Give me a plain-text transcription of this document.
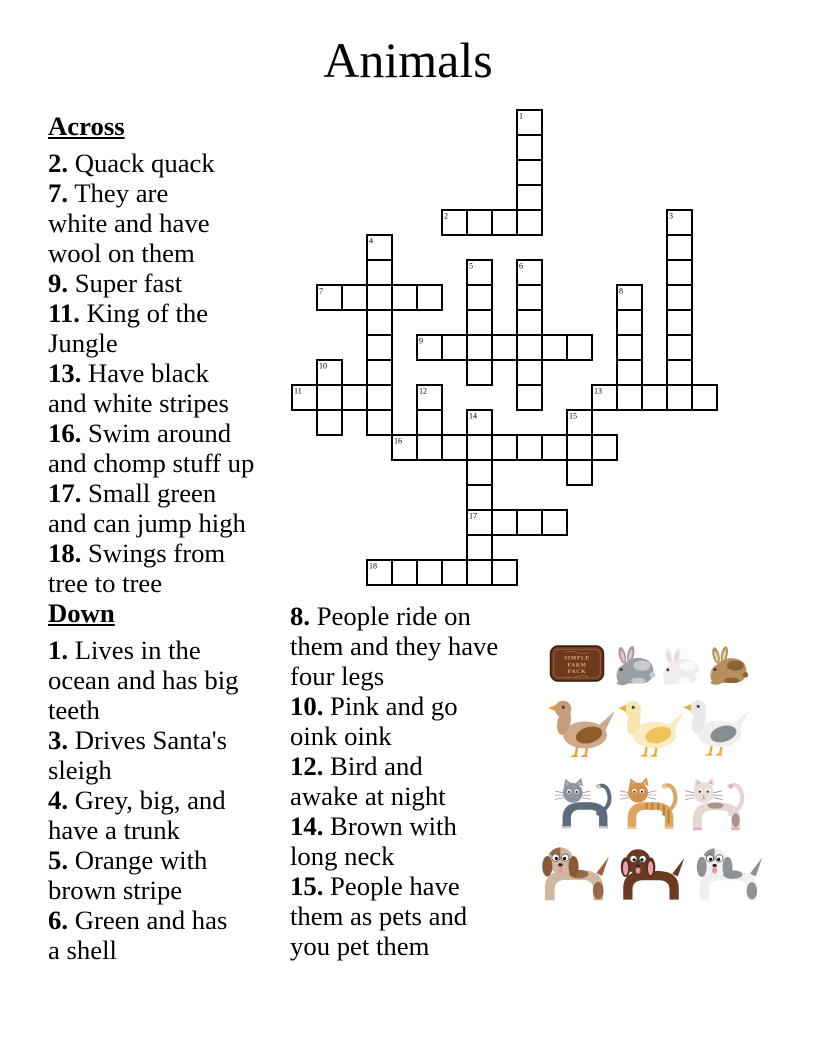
Animals
Across
2. Quack quack
7. They are
white and have
wool on them
9. Super fast
11. King of the
Jungle
13. Have black
and white stripes
16. Swim around
and chomp stuff up
17. Small green
and can jump high
18. Swings from
tree to tree
Down
1. Lives in the
ocean and has big
teeth
3. Drives Santa's
sleigh
4. Grey, big, and
have a trunk
5. Orange with
brown stripe
6. Green and has
a shell
8. People ride on
them and they have
four legs
10. Pink and go
oink oink
12. Bird and
awake at night
14. Brown with
long neck
15. People have
them as pets and
you pet them
1
2	3
4
5	6
7	8
9
10
11	12	13
14	15
16
17
18
SIMPLE
FARM
PACK
